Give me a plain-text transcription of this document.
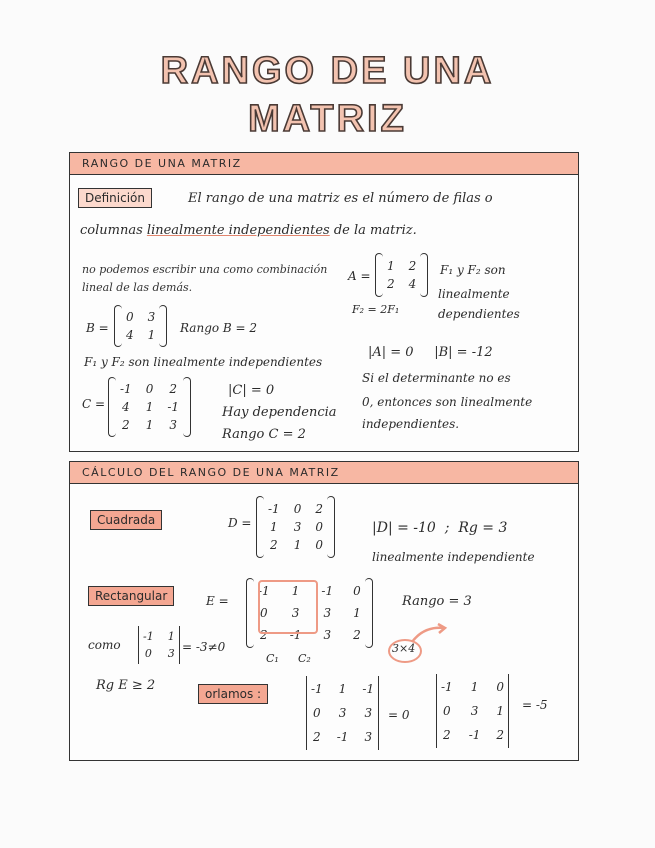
RANGO DE UNA
MATRIZ
RANGO DE UNA MATRIZ
Definición	El rango de una matriz es el número de filas o
columnas linealmente independientes de la matriz.
no podemos escribir una como combinación
lineal de las demás.
A =
1 2
2 4
F₁ y F₂ son
linealmente
dependientes
F₂ = 2F₁
B =
0 3
4 1 Rango B = 2
F₁ y F₂ son linealmente independientes
|A| = 0     |B| = -12
Si el determinante no es
0, entonces son linealmente
independientes.
C =
-1 0 2
4 1 -1
2 1 3
|C| = 0
Hay dependencia
Rango C = 2
CÁLCULO DEL RANGO DE UNA MATRIZ
Cuadrada	D =
-1 0 2
1 3 0
2 1 0
|D| = -10  ;  Rg = 3
linealmente independiente
Rectangular	E =
-1 1 -1 0
0 3 3 1
2 -1 3 2
C₁ C₂
Rango = 3
3×4
como
-1 1
0 3 = -3≠0
Rg E ≥ 2
orlamos :	-1 1 -1
0 3 3
2 -1 3
= 0
-1 1 0
0 3 1
2 -1 2
= -5
